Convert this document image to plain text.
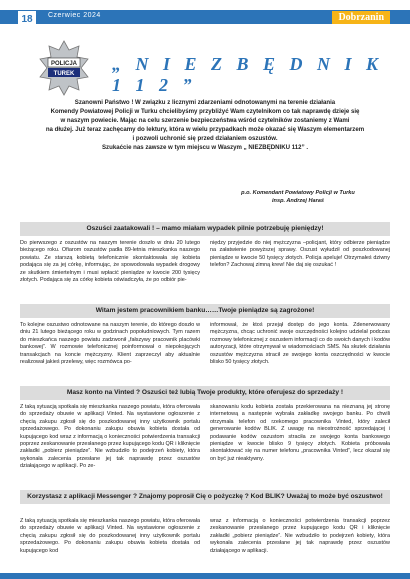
18	Czerwiec 2024	Dobrzanin
POLICJA
TUREK „ N I E Z B Ę D N I K 1 1 2 ”

Szanowni Państwo ! W związku z licznymi zdarzeniami odnotowanymi na terenie działania

Komendy Powiatowej Policji w Turku chcielibyśmy przybliżyć Wam czytelnikom co tak naprawdę dzieje się

w naszym powiecie. Mając na celu szerzenie bezpieczeństwa wśród czytelników zostaniemy z Wami

na dłużej. Już teraz zachęcamy do lektury, która w wielu przypadkach może okazać się Waszym elementarzem

i pozwoli uchronić się przed działaniem oszustów.

Szukaćcie nas zawsze w tym miejscu w Waszym „ NIEZBĘDNIKU 112” .

p.o. Komendant Powiatowy Policji w Turku
insp. Andrzej Haraś
Oszuści zaatakowali ! – mamo miałam wypadek pilnie potrzebuję pieniędzy!

Do pierwszego z oszustów na naszym terenie doszło w dniu 20 lutego bieżącego roku. Ofiarom oszustów padła 89-letnia mieszkanka naszego powiatu. Ze starszą kobietą telefonicznie skontaktowała się kobieta podająca się za jej córkę, informując, że spowodowała wypadek drogowy ze skutkiem śmiertelnym i musi wpłacić pieniądze w kwocie 200 tysięcy złotych. Podająca się za córkę kobieta oświadczyła, że po odbiór pie-

niędzy przyjedzie do niej mężczyzna –policjant, który odbierze pieniądze na załatwienie powyższej sprawy. Oszust wyłudził od poszkodowanej pieniądze w kwocie 50 tysięcy złotych. Policja apeluje! Otrzymałeś dziwny telefon? Zachowaj zimną krew! Nie daj się oszukać !

Witam jestem pracownikiem banku……Twoje pieniądze są zagrożone!

To kolejne oszustwo odnotowane na naszym terenie, do którego doszło w dniu 21 lutego bieżącego roku w godzinach popołudniowych. Tym razem do mieszkańca naszego powiatu zadzwonił „fałszywy pracownik placówki bankowej”. W rozmowie telefonicznej poinformował o niepokojących transakcjach na koncie mężczyzny. Klient zaprzeczył aby aktualnie realizował jakieś przelewy, więc rozmówca po-

informował, że ktoś przejął dostęp do jego konta. Zdenerwowany mężczyzna, chcąc uchronić swoje oszczędności kolejno udzielał podczas rozmowy telefonicznej z oszustem informacji co do swoich danych i kodów autoryzacji, które otrzymywał w wiadomościach SMS. Na skutek działania oszustów mężczyzna stracił ze swojego konta oszczędności w kwocie blisko 50 tysięcy złotych.

Masz konto na Vinted ? Oszuści też lubią Twoje produkty, które oferujesz do sprzedaży !

Z taką sytuacją spotkała się mieszkanka naszego powiatu, która oferowała do sprzedaży obuwie w aplikacji Vinted. Na wystawione ogłoszenie z chęcią zakupu zgłosił się do poszkodowanej inny użytkownik portalu sprzedażowego. Po dokonaniu zakupu obuwia kobieta dostała od kupującego kod wraz z informacją o konieczności potwierdzenia transakcji poprzez zeskanowanie przesłanego przez kupującego kodu QR i kliknięcie zakładki „pobierz pieniądze”. Nie wzbudziło to podejrzeń kobiety, która wykonała zalecenia przesłane jej tak naprawdę przez oszustów działającego w aplikacji. Po ze-

skanowaniu kodu kobieta została przekierowana na nieznaną jej stronę internetową a następnie wybrała zakładkę swojego banku. Po chwili otrzymała telefon od rzekomego pracownika Vinted, który zalecił generowanie kodów BLIK. Z uwagę na nieostrożność sprzedającej i podawanie kodów oszustom straciła ze swojego konta bankowego pieniądze w kwocie blisko 9 tysięcy złotych. Kobieta próbowała skontaktować się na numer telefonu „pracownika Vinted”, lecz okazał się on być już nieaktywny.

Korzystasz z aplikacji Messenger ? Znajomy poprosił Cię o pożyczkę ? Kod BLIK? Uważaj to może być oszustwo!

Z taką sytuacją spotkała się mieszkanka naszego powiatu, która oferowała do sprzedaży obuwie w aplikacji Vinted. Na wystawione ogłoszenie z chęcią zakupu zgłosił się do poszkodowanej inny użytkownik portalu sprzedażowego. Po dokonaniu zakupu obuwia kobieta dostała od kupującego kod

wraz z informacją o konieczności potwierdzenia transakcji poprzez zeskanowanie przesłanego przez kupującego kodu QR i kliknięcie zakładki „pobierz pieniądze”. Nie wzbudziło to podejrzeń kobiety, która wykonała zalecenia przesłane jej tak naprawdę przez oszustów działającego w aplikacji.
